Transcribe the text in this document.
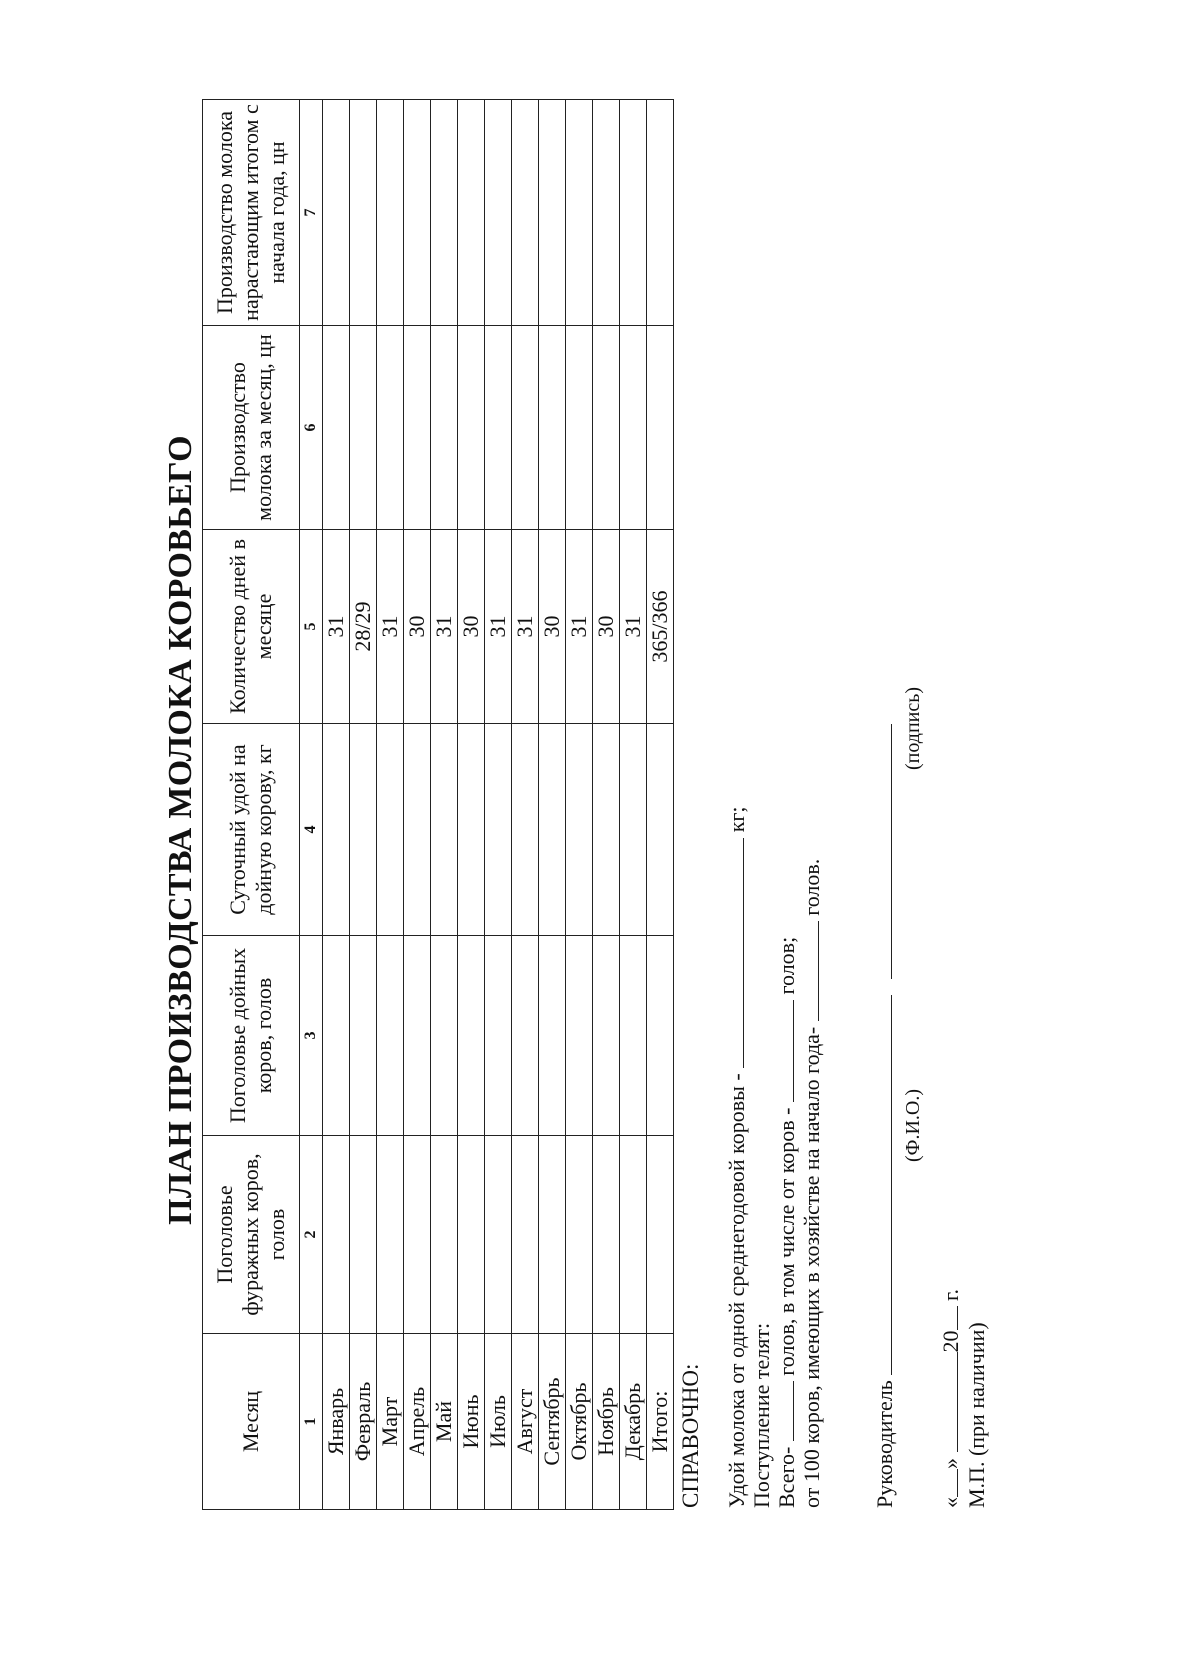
ПЛАН ПРОИЗВОДСТВА МОЛОКА КОРОВЬЕГО
Месяц	Поголовье фуражных коров, голов	Поголовье дойных коров, голов	Суточный удой на дойную корову, кг	Количество дней в месяце	Производство молока за месяц, цн	Производство молока нарастающим итогом с начала года, цн
1	2	3	4	5	6	7
Январь				31		
Февраль				28/29		
Март				31		
Апрель				30		
Май				31		
Июнь				30		
Июль				31		
Август				31		
Сентябрь				30		
Октябрь				31		
Ноябрь				30		
Декабрь				31		
Итого:				365/366		
СПРАВОЧНО: Удой молока от одной среднегодовой коровы -  кг;
Поступление телят: Всего-  голов, в том числе от коров -  голов;
от 100 коров, имеющих в хозяйстве на начало года-  голов.
Руководитель
(Ф.И.О.)
(подпись)
«» 20 г.
М.П. (при наличии)
